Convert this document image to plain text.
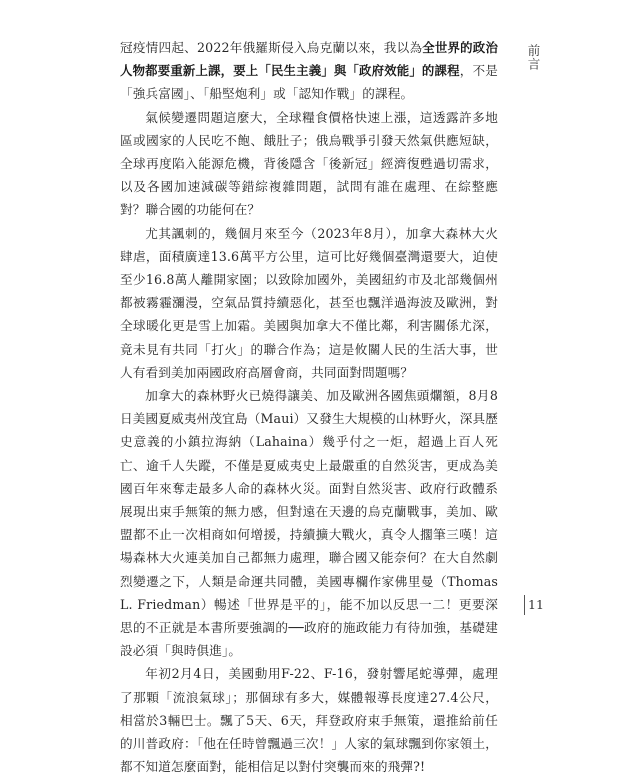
冠疫情四起、2022年俄羅斯侵入烏克蘭以來，我以為全世界的政治人物都要重新上課，要上「民生主義」與「政府效能」的課程，不是「強兵富國」、「船堅炮利」或「認知作戰」的課程。

氣候變遷問題這麼大，全球糧食價格快速上漲，這透露許多地區或國家的人民吃不飽、餓肚子；俄烏戰爭引發天然氣供應短缺，全球再度陷入能源危機，背後隱含「後新冠」經濟復甦過切需求，以及各國加速減碳等錯綜複雜問題，試問有誰在處理、在綜整應對？聯合國的功能何在？

尤其諷刺的，幾個月來至今（2023年8月），加拿大森林大火肆虐，面積廣達13.6萬平方公里，這可比好幾個臺灣還要大，迫使至少16.8萬人離開家園；以致除加國外，美國紐約市及北部幾個州都被霧霾瀰漫，空氣品質持續惡化，甚至也飄洋過海波及歐洲，對全球暖化更是雪上加霜。美國與加拿大不僅比鄰，利害關係尤深，竟未見有共同「打火」的聯合作為；這是攸關人民的生活大事，世人有看到美加兩國政府高層會商，共同面對問題嗎？

加拿大的森林野火已燒得讓美、加及歐洲各國焦頭爛額，8月8日美國夏威夷州茂宜島（Maui）又發生大規模的山林野火，深具歷史意義的小鎮拉海納（Lahaina）幾乎付之一炬，超過上百人死亡、逾千人失蹤，不僅是夏威夷史上最嚴重的自然災害，更成為美國百年來奪走最多人命的森林火災。面對自然災害、政府行政體系展現出束手無策的無力感，但對遠在天邊的烏克蘭戰事，美加、歐盟都不止一次相商如何增援，持續擴大戰火，真令人擱筆三嘆！這場森林大火連美加自己都無力處理，聯合國又能奈何？在大自然劇烈變遷之下，人類是命運共同體，美國專欄作家佛里曼（Thomas L. Friedman）暢述「世界是平的」，能不加以反思一二！更要深思的不正就是本書所要強調的──政府的施政能力有待加強，基礎建設必須「與時俱進」。

年初2月4日，美國動用F-22、F-16，發射響尾蛇導彈，處理了那顆「流浪氣球」；那個球有多大，媒體報導長度達27.4公尺，相當於3輛巴士。飄了5天、6天，拜登政府束手無策，還推給前任的川普政府：「他在任時曾飄過三次！」人家的氣球飄到你家領土，都不知道怎麼面對，能相信足以對付突襲而來的飛彈?!

前言
11
